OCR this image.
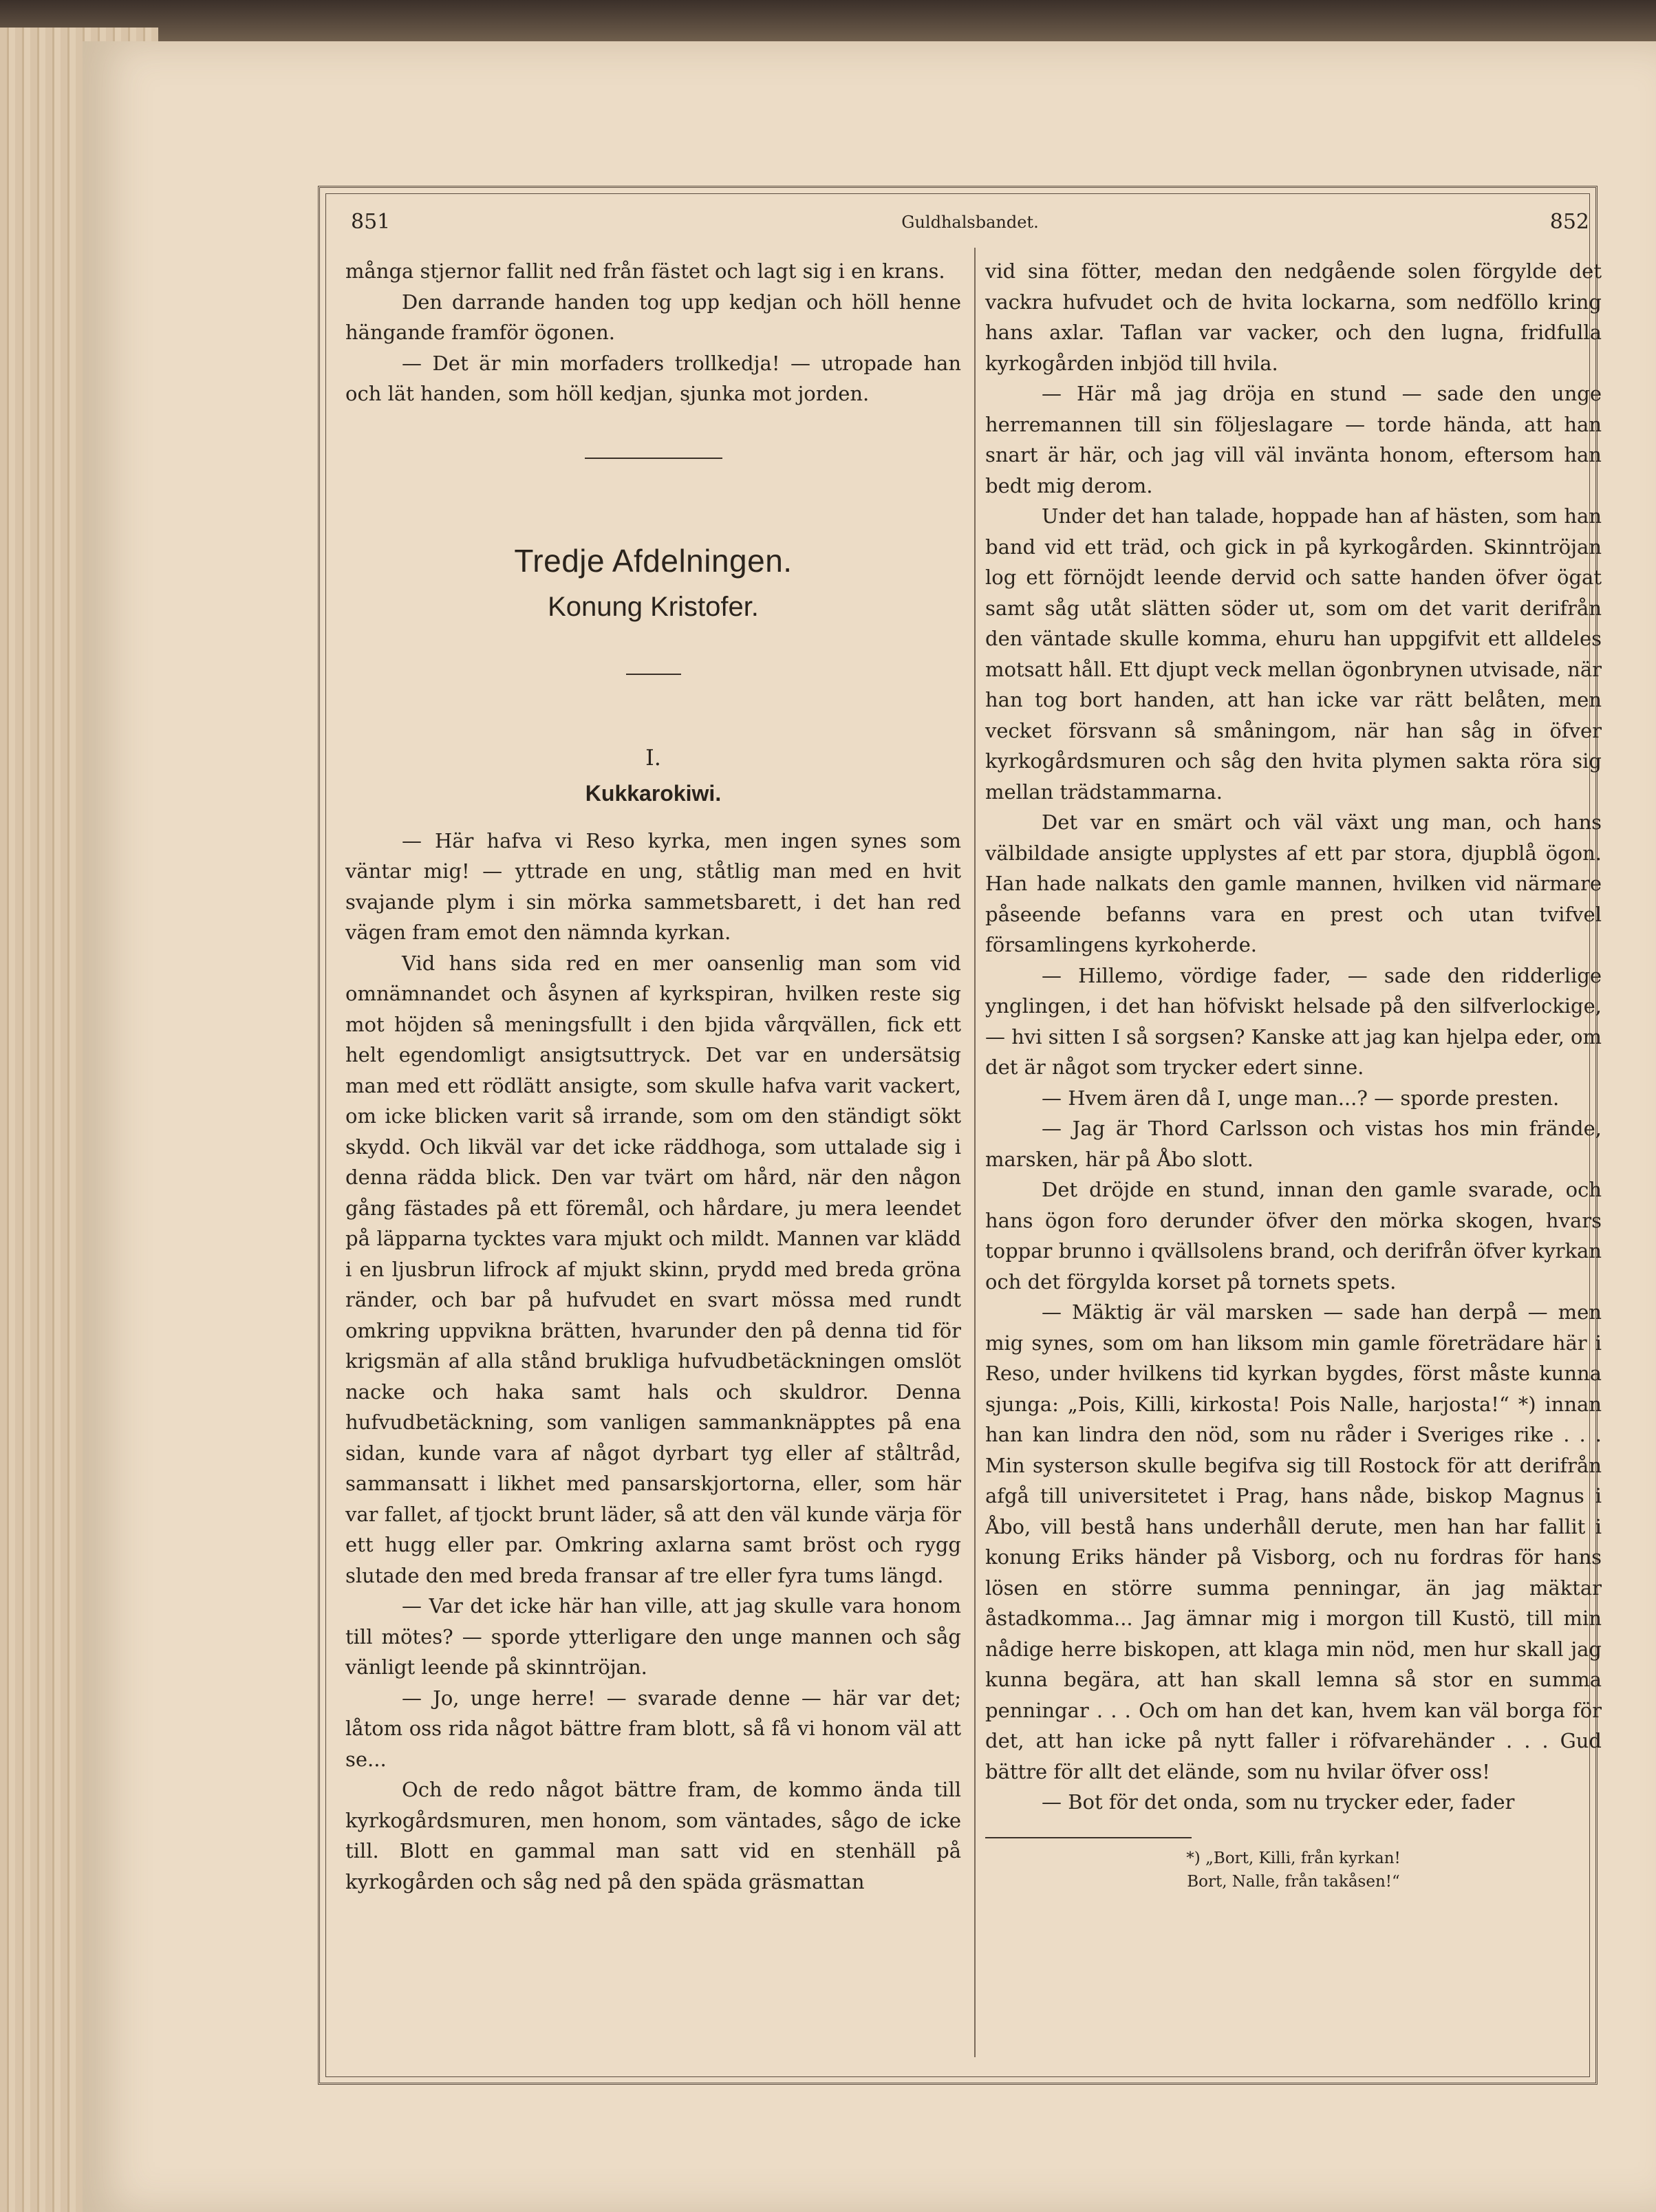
851	Guldhalsbandet.	852

många stjernor fallit ned från fästet och lagt sig i en krans.

Den darrande handen tog upp kedjan och höll henne hängande framför ögonen.

— Det är min morfaders trollkedja! — utropade han och lät handen, som höll kedjan, sjunka mot jorden.

Tredje Afdelningen.
Konung Kristofer.
I.
Kukkarokiwi.

— Här hafva vi Reso kyrka, men ingen synes som väntar mig! — yttrade en ung, ståtlig man med en hvit svajande plym i sin mörka sammetsbarett, i det han red vägen fram emot den nämnda kyrkan.

Vid hans sida red en mer oansenlig man som vid omnämnandet och åsynen af kyrkspiran, hvilken reste sig mot höjden så meningsfullt i den bjida vårqvällen, fick ett helt egendomligt ansigtsuttryck. Det var en undersätsig man med ett rödlätt ansigte, som skulle hafva varit vackert, om icke blicken varit så irrande, som om den ständigt sökt skydd. Och likväl var det icke räddhoga, som uttalade sig i denna rädda blick. Den var tvärt om hård, när den någon gång fästades på ett föremål, och hårdare, ju mera leendet på läpparna tycktes vara mjukt och mildt. Mannen var klädd i en ljusbrun lifrock af mjukt skinn, prydd med breda gröna ränder, och bar på hufvudet en svart mössa med rundt omkring uppvikna brätten, hvarunder den på denna tid för krigsmän af alla stånd brukliga hufvudbetäckningen omslöt nacke och haka samt hals och skuldror. Denna hufvudbetäckning, som vanligen sammanknäpptes på ena sidan, kunde vara af något dyrbart tyg eller af ståltråd, sammansatt i likhet med pansarskjortorna, eller, som här var fallet, af tjockt brunt läder, så att den väl kunde värja för ett hugg eller par. Omkring axlarna samt bröst och rygg slutade den med breda fransar af tre eller fyra tums längd.

— Var det icke här han ville, att jag skulle vara honom till mötes? — sporde ytterligare den unge mannen och såg vänligt leende på skinntröjan.

— Jo, unge herre! — svarade denne — här var det; låtom oss rida något bättre fram blott, så få vi honom väl att se...

Och de redo något bättre fram, de kommo ända till kyrkogårdsmuren, men honom, som väntades, sågo de icke till. Blott en gammal man satt vid en stenhäll på kyrkogården och såg ned på den späda gräsmattan

vid sina fötter, medan den nedgående solen förgylde det vackra hufvudet och de hvita lockarna, som nedföllo kring hans axlar. Taflan var vacker, och den lugna, fridfulla kyrkogården inbjöd till hvila.

— Här må jag dröja en stund — sade den unge herremannen till sin följeslagare — torde hända, att han snart är här, och jag vill väl invänta honom, eftersom han bedt mig derom.

Under det han talade, hoppade han af hästen, som han band vid ett träd, och gick in på kyrkogården. Skinntröjan log ett förnöjdt leende dervid och satte handen öfver ögat samt såg utåt slätten söder ut, som om det varit derifrån den väntade skulle komma, ehuru han uppgifvit ett alldeles motsatt håll. Ett djupt veck mellan ögonbrynen utvisade, när han tog bort handen, att han icke var rätt belåten, men vecket försvann så småningom, när han såg in öfver kyrkogårdsmuren och såg den hvita plymen sakta röra sig mellan trädstammarna.

Det var en smärt och väl växt ung man, och hans välbildade ansigte upplystes af ett par stora, djupblå ögon. Han hade nalkats den gamle mannen, hvilken vid närmare påseende befanns vara en prest och utan tvifvel församlingens kyrkoherde.

— Hillemo, vördige fader, — sade den ridderlige ynglingen, i det han höfviskt helsade på den silfverlockige, — hvi sitten I så sorgsen? Kanske att jag kan hjelpa eder, om det är något som trycker edert sinne.

— Hvem ären då I, unge man...? — sporde presten.

— Jag är Thord Carlsson och vistas hos min frände, marsken, här på Åbo slott.

Det dröjde en stund, innan den gamle svarade, och hans ögon foro derunder öfver den mörka skogen, hvars toppar brunno i qvällsolens brand, och derifrån öfver kyrkan och det förgylda korset på tornets spets.

— Mäktig är väl marsken — sade han derpå — men mig synes, som om han liksom min gamle företrädare här i Reso, under hvilkens tid kyrkan bygdes, först måste kunna sjunga: „Pois, Killi, kirkosta! Pois Nalle, harjosta!“ *) innan han kan lindra den nöd, som nu råder i Sveriges rike . . . Min systerson skulle begifva sig till Rostock för att derifrån afgå till universitetet i Prag, hans nåde, biskop Magnus i Åbo, vill bestå hans underhåll derute, men han har fallit i konung Eriks händer på Visborg, och nu fordras för hans lösen en större summa penningar, än jag mäktar åstadkomma... Jag ämnar mig i morgon till Kustö, till min nådige herre biskopen, att klaga min nöd, men hur skall jag kunna begära, att han skall lemna så stor en summa penningar . . . Och om han det kan, hvem kan väl borga för det, att han icke på nytt faller i röfvarehänder . . . Gud bättre för allt det elände, som nu hvilar öfver oss!

— Bot för det onda, som nu trycker eder, fader

*) „Bort, Killi, från kyrkan!

Bort, Nalle, från takåsen!“
